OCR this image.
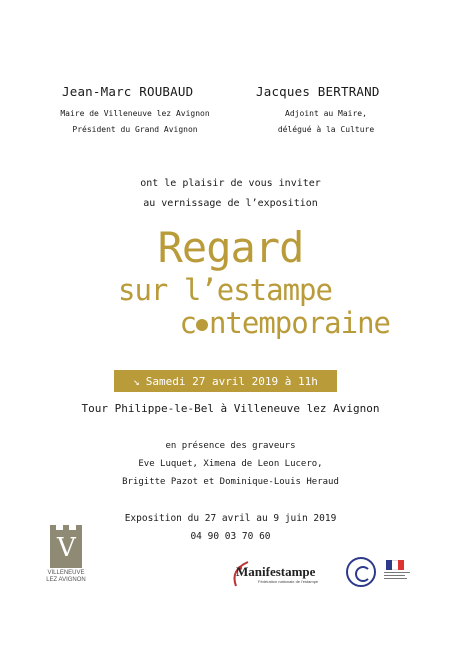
Jean-Marc ROUBAUD
Maire de Villeneuve lez Avignon
Président du Grand Avignon
Jacques BERTRAND
Adjoint au Maire,
délégué à la Culture
ont le plaisir de vous inviter
au vernissage de l’exposition
Regard
sur l’estampe
c ntemporaine
↘ Samedi 27 avril 2019 à 11h
Tour Philippe-le-Bel à Villeneuve lez Avignon
en présence des graveurs
Eve Luquet, Ximena de Leon Lucero,
Brigitte Pazot et Dominique-Louis Heraud
Exposition du 27 avril au 9 juin 2019
04 90 03 70 60
V
VILLENEUVE
LEZ AVIGNON
Manifestampe
Fédération nationale de l'estampe
